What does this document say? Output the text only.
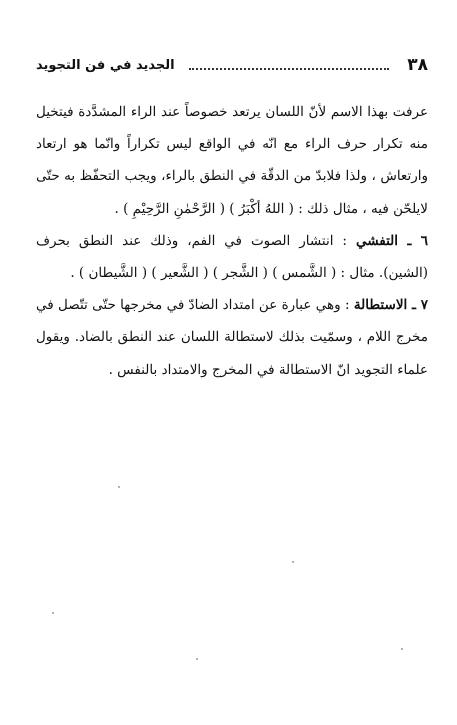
٣٨
الجديد في فن التجويد

عرفت بهذا الاسم لأنّ اللسان يرتعد خصوصاً عند الراء المشدَّدة فيتخيل منه تكرار حرف الراء مع انّه في الواقع ليس تكراراً وانّما هو ارتعاد وارتعاش ، ولذا فلابدّ من الدقّة في النطق بالراء، ويجب التحفّظ به حتّى لايلحّن فيه ، مثال ذلك : ( اللهُ أكْبَرُ ) ( الرَّحْمٰنِ الرَّحِيْمِ ) .

٦ ـ التفشي : انتشار الصوت في الفم، وذلك عند النطق بحرف (الشين). مثال : ( الشَّمس ) ( الشَّجر ) ( الشَّعير ) ( الشَّيطان ) .

٧ ـ الاستطالة : وهي عبارة عن امتداد الضادّ في مخرجها حتّى تتّصل في مخرج اللام ، وسمّيت بذلك لاستطالة اللسان عند النطق بالضاد. ويقول علماء التجويد انّ الاستطالة في المخرج والامتداد بالنفس .
